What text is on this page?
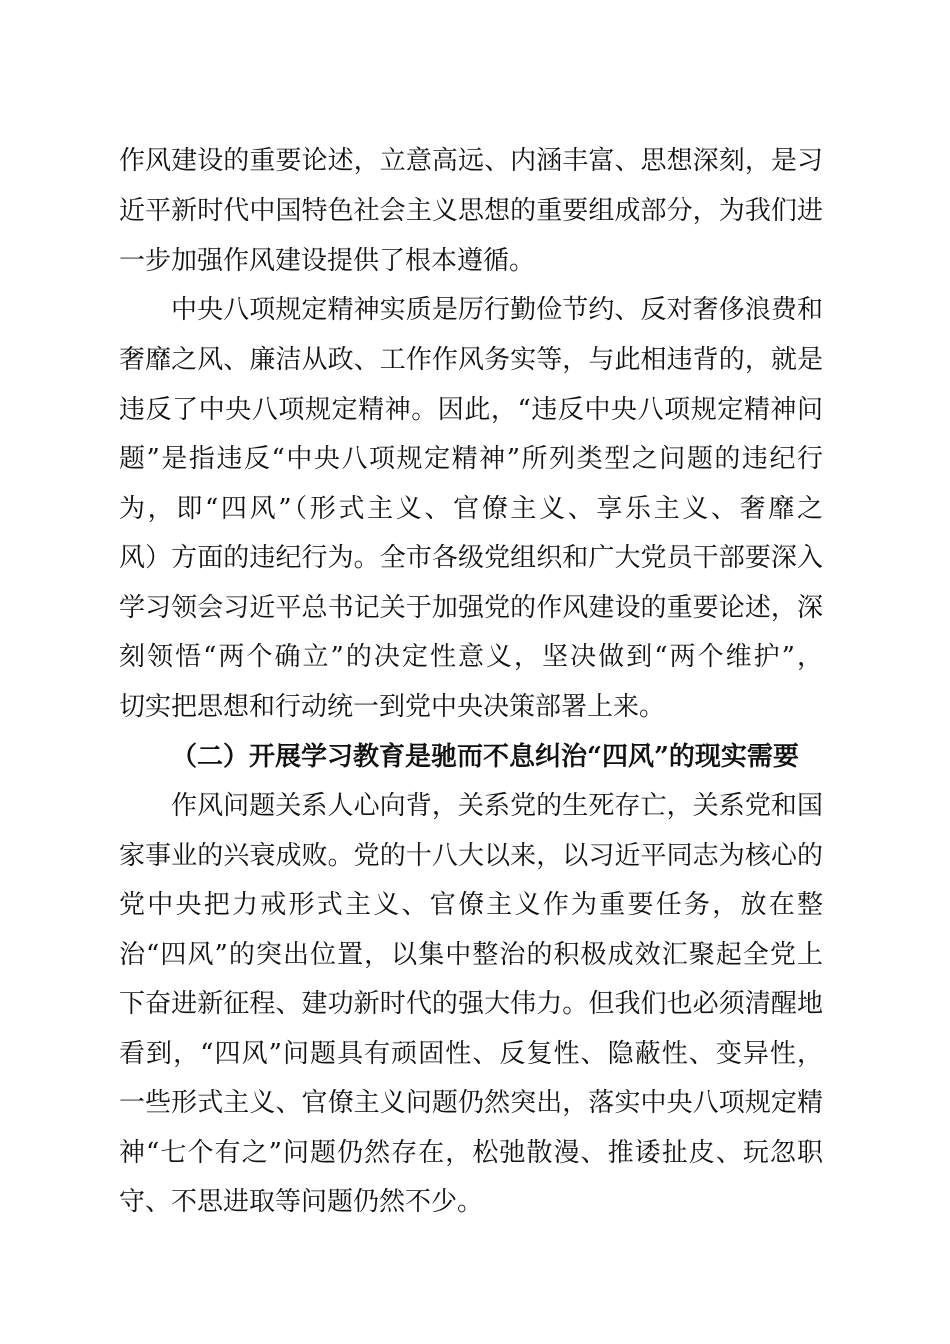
作风建设的重要论述，立意高远、内涵丰富、思想深刻，是习
近平新时代中国特色社会主义思想的重要组成部分，为我们进
一步加强作风建设提供了根本遵循。
中央八项规定精神实质是厉行勤俭节约、反对奢侈浪费和
奢靡之风、廉洁从政、工作作风务实等，与此相违背的，就是
违反了中央八项规定精神。因此，“违反中央八项规定精神问
题”是指违反“中央八项规定精神”所列类型之问题的违纪行
为，即“四风”（形式主义、官僚主义、享乐主义、奢靡之
风）方面的违纪行为。全市各级党组织和广大党员干部要深入
学习领会习近平总书记关于加强党的作风建设的重要论述，深
刻领悟“两个确立”的决定性意义，坚决做到“两个维护”，
切实把思想和行动统一到党中央决策部署上来。
（二）开展学习教育是驰而不息纠治“四风”的现实需要
作风问题关系人心向背，关系党的生死存亡，关系党和国
家事业的兴衰成败。党的十八大以来，以习近平同志为核心的
党中央把力戒形式主义、官僚主义作为重要任务，放在整
治“四风”的突出位置，以集中整治的积极成效汇聚起全党上
下奋进新征程、建功新时代的强大伟力。但我们也必须清醒地
看到，“四风”问题具有顽固性、反复性、隐蔽性、变异性，
一些形式主义、官僚主义问题仍然突出，落实中央八项规定精
神“七个有之”问题仍然存在，松弛散漫、推诿扯皮、玩忽职
守、不思进取等问题仍然不少。
